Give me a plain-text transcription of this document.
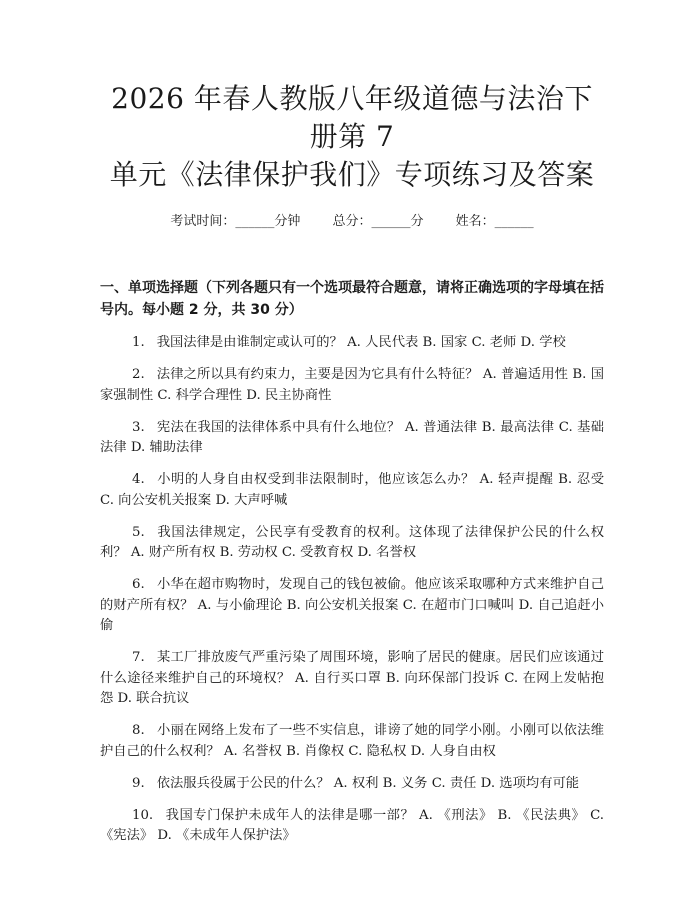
2026 年春人教版八年级道德与法治下册第 7
单元《法律保护我们》专项练习及答案
考试时间：______分钟 总分：______分 姓名：______
一、单项选择题（下列各题只有一个选项最符合题意，请将正确选项的字母填在括号内。每小题 2 分，共 30 分）

1. 我国法律是由谁制定或认可的？ A. 人民代表 B. 国家 C. 老师 D. 学校

2. 法律之所以具有约束力，主要是因为它具有什么特征？ A. 普遍适用性 B. 国家强制性 C. 科学合理性 D. 民主协商性

3. 宪法在我国的法律体系中具有什么地位？ A. 普通法律 B. 最高法律 C. 基础法律 D. 辅助法律

4. 小明的人身自由权受到非法限制时，他应该怎么办？ A. 轻声提醒 B. 忍受 C. 向公安机关报案 D. 大声呼喊

5. 我国法律规定，公民享有受教育的权利。这体现了法律保护公民的什么权利？ A. 财产所有权 B. 劳动权 C. 受教育权 D. 名誉权

6. 小华在超市购物时，发现自己的钱包被偷。他应该采取哪种方式来维护自己的财产所有权？ A. 与小偷理论 B. 向公安机关报案 C. 在超市门口喊叫 D. 自己追赶小偷

7. 某工厂排放废气严重污染了周围环境，影响了居民的健康。居民们应该通过什么途径来维护自己的环境权？ A. 自行买口罩 B. 向环保部门投诉 C. 在网上发帖抱怨 D. 联合抗议

8. 小丽在网络上发布了一些不实信息，诽谤了她的同学小刚。小刚可以依法维护自己的什么权利？ A. 名誉权 B. 肖像权 C. 隐私权 D. 人身自由权

9. 依法服兵役属于公民的什么？ A. 权利 B. 义务 C. 责任 D. 选项均有可能

10. 我国专门保护未成年人的法律是哪一部？ A. 《刑法》 B. 《民法典》 C. 《宪法》 D. 《未成年人保护法》
